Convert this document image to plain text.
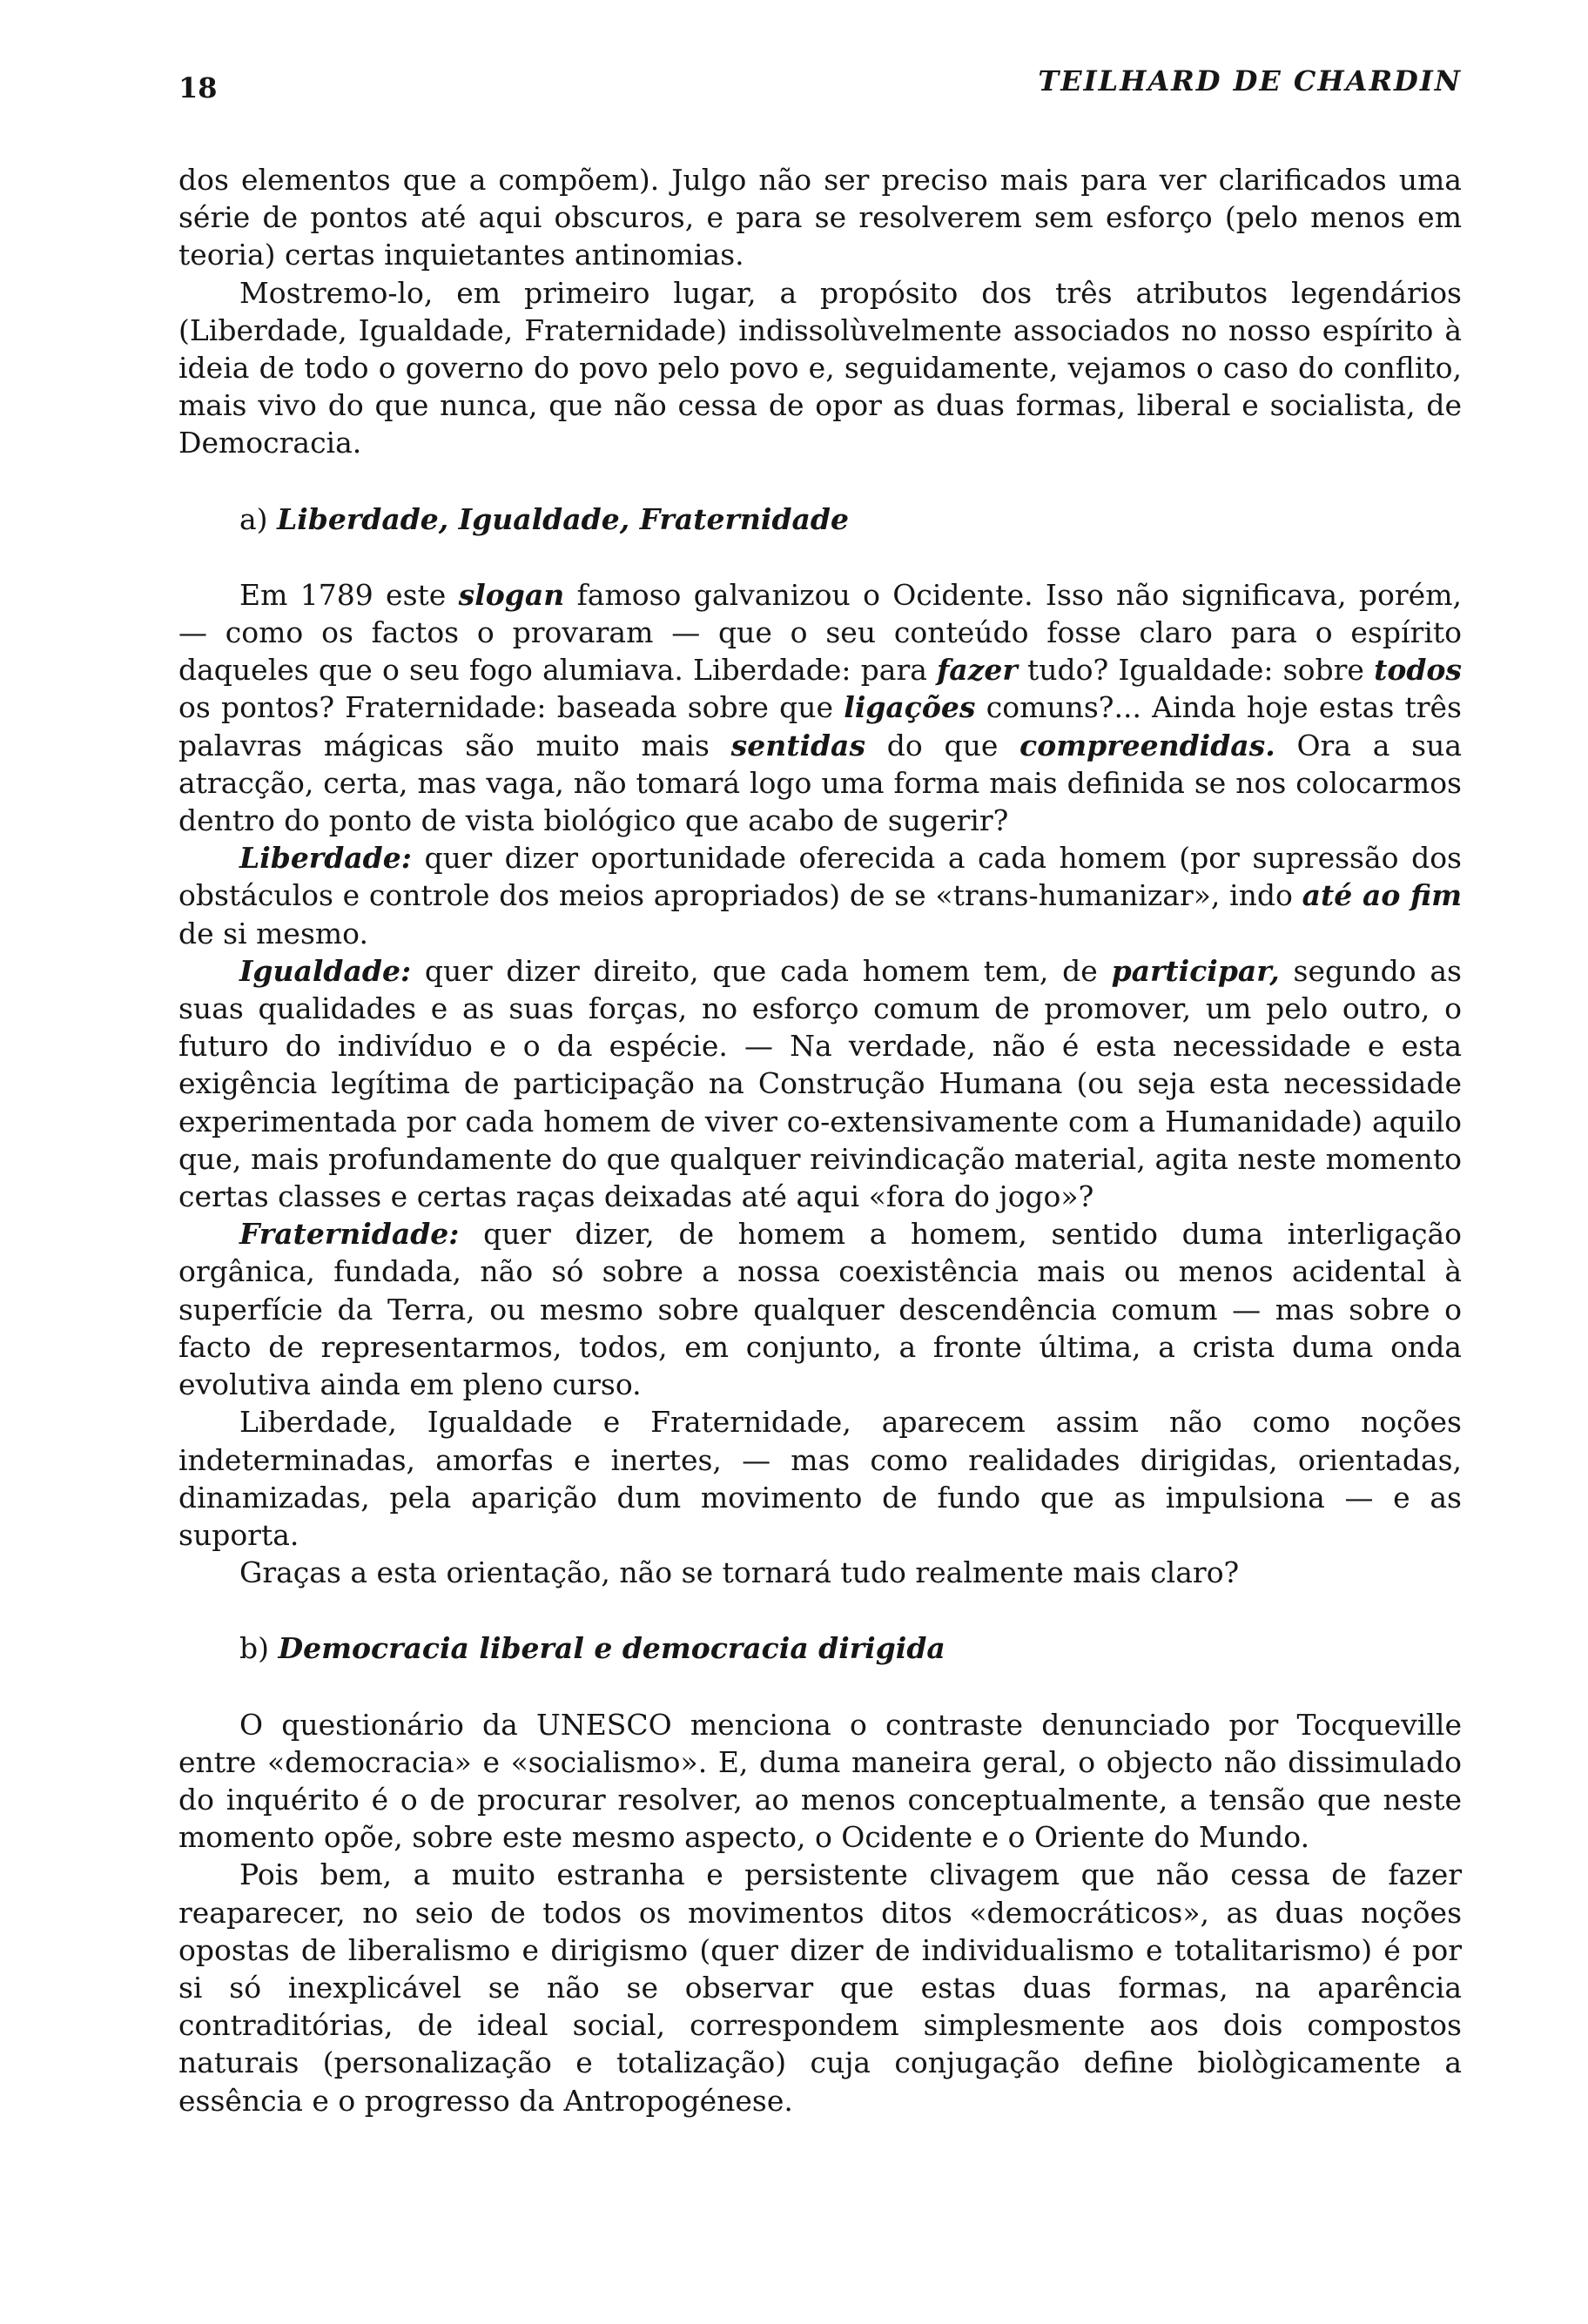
18	TEILHARD DE CHARDIN

dos elementos que a compõem). Julgo não ser preciso mais para ver clarificados uma série de pontos até aqui obscuros, e para se resolverem sem esforço (pelo menos em teoria) certas inquietantes antinomias.

Mostremo-lo, em primeiro lugar, a propósito dos três atributos legendários (Liberdade, Igualdade, Fraternidade) indissolùvelmente associados no nosso espírito à ideia de todo o governo do povo pelo povo e, seguidamente, vejamos o caso do conflito, mais vivo do que nunca, que não cessa de opor as duas formas, liberal e socialista, de Democracia.

a) Liberdade, Igualdade, Fraternidade

Em 1789 este slogan famoso galvanizou o Ocidente. Isso não significava, porém, — como os factos o provaram — que o seu conteúdo fosse claro para o espírito daqueles que o seu fogo alumiava. Liberdade: para fazer tudo? Igualdade: sobre todos os pontos? Fraternidade: baseada sobre que ligações comuns?... Ainda hoje estas três palavras mágicas são muito mais sentidas do que compreendidas. Ora a sua atracção, certa, mas vaga, não tomará logo uma forma mais definida se nos colocarmos dentro do ponto de vista biológico que acabo de sugerir?

Liberdade: quer dizer oportunidade oferecida a cada homem (por supressão dos obstáculos e controle dos meios apropriados) de se «trans-humanizar», indo até ao fim de si mesmo.

Igualdade: quer dizer direito, que cada homem tem, de participar, segundo as suas qualidades e as suas forças, no esforço comum de promover, um pelo outro, o futuro do indivíduo e o da espécie. — Na verdade, não é esta necessidade e esta exigência legítima de participação na Construção Humana (ou seja esta necessidade experimentada por cada homem de viver co-extensivamente com a Humanidade) aquilo que, mais profundamente do que qualquer reivindicação material, agita neste momento certas classes e certas raças deixadas até aqui «fora do jogo»?

Fraternidade: quer dizer, de homem a homem, sentido duma interligação orgânica, fundada, não só sobre a nossa coexistência mais ou menos acidental à superfície da Terra, ou mesmo sobre qualquer descendência comum — mas sobre o facto de representarmos, todos, em conjunto, a fronte última, a crista duma onda evolutiva ainda em pleno curso.

Liberdade, Igualdade e Fraternidade, aparecem assim não como noções indeterminadas, amorfas e inertes, — mas como realidades dirigidas, orientadas, dinamizadas, pela aparição dum movimento de fundo que as impulsiona — e as suporta.

Graças a esta orientação, não se tornará tudo realmente mais claro?

b) Democracia liberal e democracia dirigida

O questionário da UNESCO menciona o contraste denunciado por Tocqueville entre «democracia» e «socialismo». E, duma maneira geral, o objecto não dissimulado do inquérito é o de procurar resolver, ao menos conceptualmente, a tensão que neste momento opõe, sobre este mesmo aspecto, o Ocidente e o Oriente do Mundo.

Pois bem, a muito estranha e persistente clivagem que não cessa de fazer reaparecer, no seio de todos os movimentos ditos «democráticos», as duas noções opostas de liberalismo e dirigismo (quer dizer de individualismo e totalitarismo) é por si só inexplicável se não se observar que estas duas formas, na aparência contraditórias, de ideal social, correspondem simplesmente aos dois compostos naturais (personalização e totalização) cuja conjugação define biològicamente a essência e o progresso da Antropogénese.
